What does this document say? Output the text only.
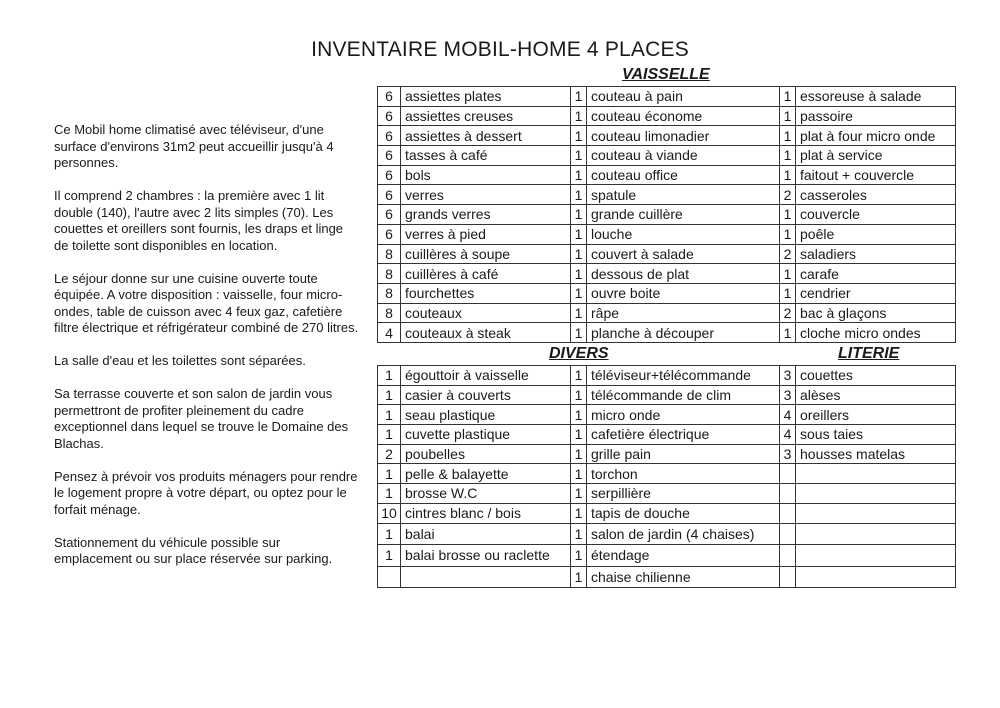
INVENTAIRE MOBIL-HOME 4 PLACES

Ce Mobil home climatisé avec téléviseur, d'une surface d'environs 31m2 peut accueillir jusqu'à 4 personnes.

Il comprend 2 chambres : la première avec 1 lit double (140), l'autre avec 2 lits simples (70). Les couettes et oreillers sont fournis, les draps et linge de toilette sont disponibles en location.

Le séjour donne sur une cuisine ouverte toute équipée. A votre disposition : vaisselle, four micro-ondes, table de cuisson avec 4 feux gaz, cafetière filtre électrique et réfrigérateur combiné de 270 litres.

La salle d'eau et les toilettes sont séparées.

Sa terrasse couverte et son salon de jardin vous permettront de profiter pleinement du cadre exceptionnel dans lequel se trouve le Domaine des Blachas.

Pensez à prévoir vos produits ménagers pour rendre le logement propre à votre départ, ou optez pour le forfait ménage.

Stationnement du véhicule possible sur emplacement ou sur place réservée sur parking.

VAISSELLE
DIVERS	LITERIE
6	assiettes plates	1	couteau à pain	1	essoreuse à salade
6	assiettes creuses	1	couteau économe	1	passoire
6	assiettes à dessert	1	couteau limonadier	1	plat à four micro onde
6	tasses à café	1	couteau à viande	1	plat à service
6	bols	1	couteau office	1	faitout + couvercle
6	verres	1	spatule	2	casseroles
6	grands verres	1	grande cuillère	1	couvercle
6	verres à pied	1	louche	1	poêle
8	cuillères à soupe	1	couvert à salade	2	saladiers
8	cuillères à café	1	dessous de plat	1	carafe
8	fourchettes	1	ouvre boite	1	cendrier
8	couteaux	1	râpe	2	bac à glaçons
4	couteaux à steak	1	planche à découper	1	cloche micro ondes
1	égouttoir à vaisselle	1	téléviseur+télécommande	3	couettes
1	casier à couverts	1	télécommande de clim	3	alèses
1	seau plastique	1	micro onde	4	oreillers
1	cuvette plastique	1	cafetière électrique	4	sous taies
2	poubelles	1	grille pain	3	housses matelas
1	pelle & balayette	1	torchon		
1	brosse W.C	1	serpillière		
10	cintres blanc / bois	1	tapis de douche		
1	balai	1	salon de jardin (4 chaises)		
1	balai brosse ou raclette	1	étendage		
		1	chaise chilienne		
